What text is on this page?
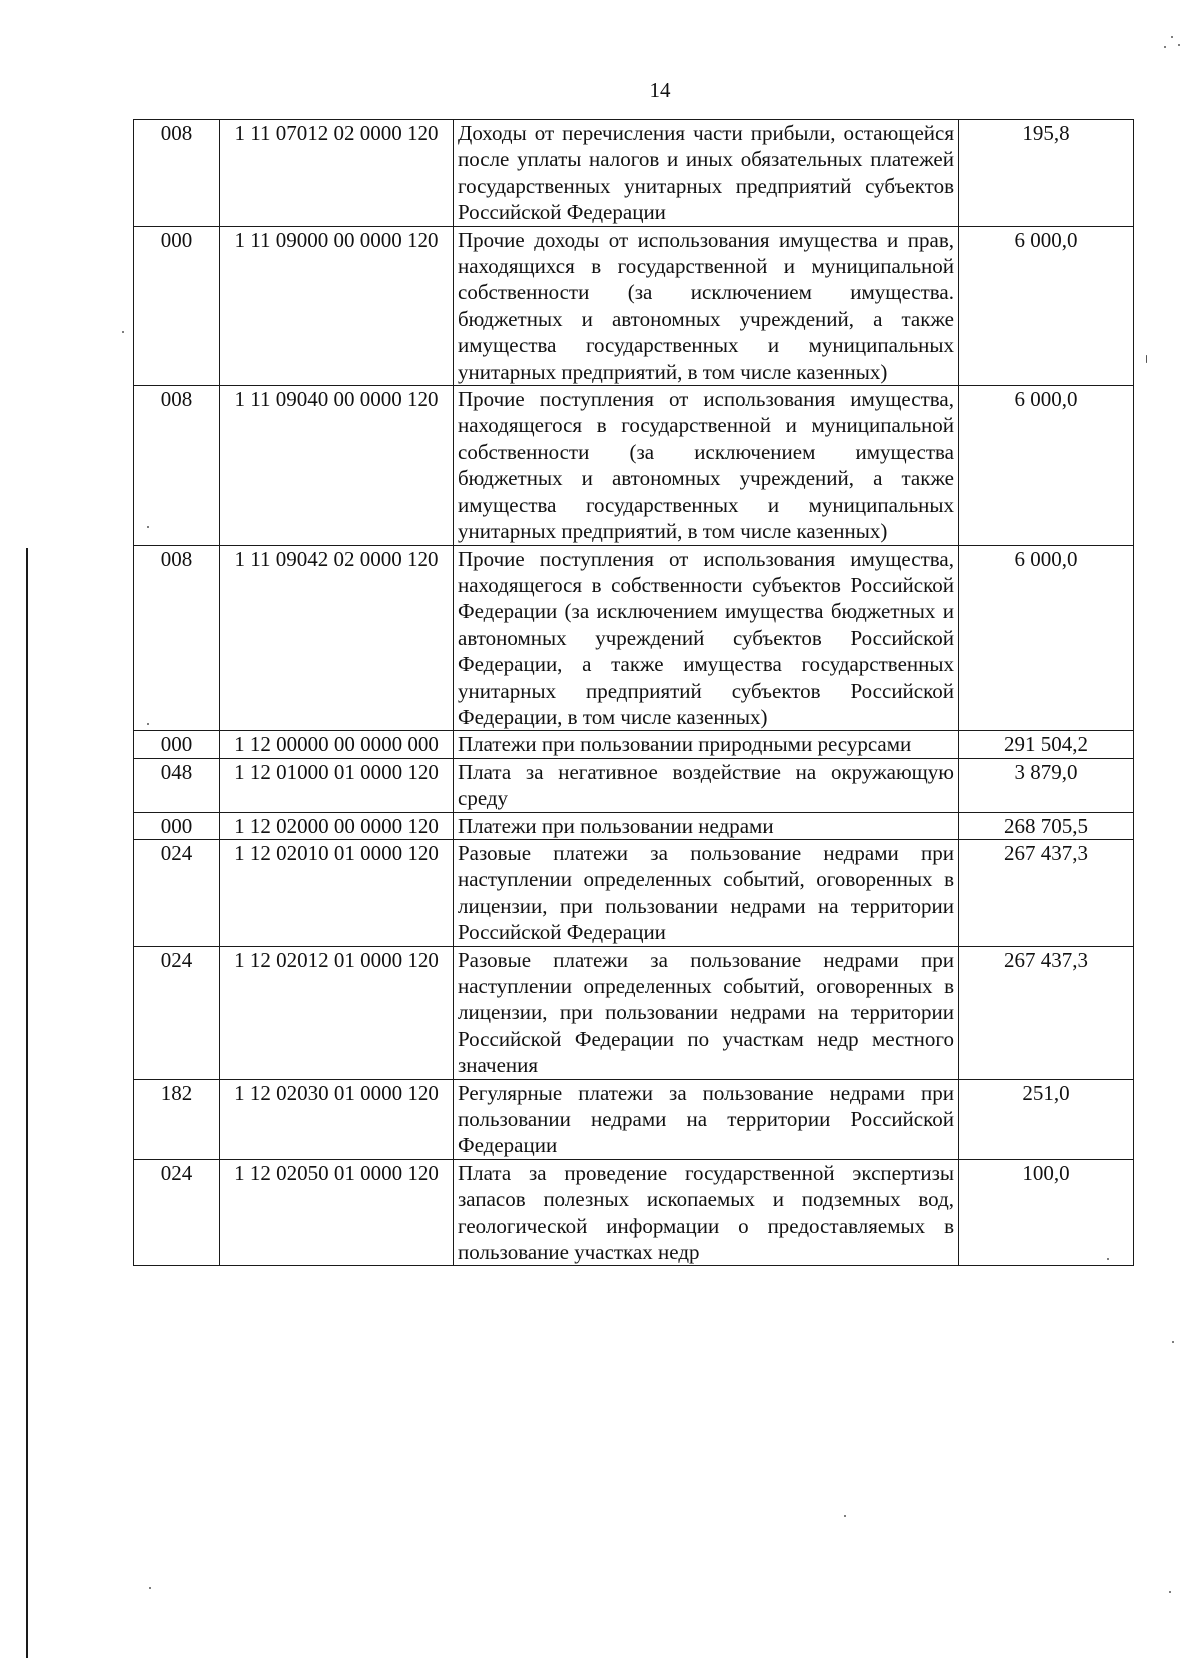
14
008	1 11 07012 02 0000 120	Доходы от перечисления части прибыли, остающейся после уплаты налогов и иных обязательных платежей государственных унитарных предприятий субъектов Российской Федерации	195,8
000	1 11 09000 00 0000 120	Прочие доходы от использования имущества и прав, находящихся в государственной и муниципальной собственности (за исключением имущества. бюджетных и автономных учреждений, а также имущества государственных и муниципальных унитарных предприятий, в том числе казенных)	6 000,0
008	1 11 09040 00 0000 120	Прочие поступления от использования имущества, находящегося в государственной и муниципальной собственности (за исключением имущества бюджетных и автономных учреждений, а также имущества государственных и муниципальных унитарных предприятий, в том числе казенных)	6 000,0
008	1 11 09042 02 0000 120	Прочие поступления от использования имущества, находящегося в собственности субъектов Российской Федерации (за исключением имущества бюджетных и автономных учреждений субъектов Российской Федерации, а также имущества государственных унитарных предприятий субъектов Российской Федерации, в том числе казенных)	6 000,0
000	1 12 00000 00 0000 000	Платежи при пользовании природными ресурсами	291 504,2
048	1 12 01000 01 0000 120	Плата за негативное воздействие на окружающую среду	3 879,0
000	1 12 02000 00 0000 120	Платежи при пользовании недрами	268 705,5
024	1 12 02010 01 0000 120	Разовые платежи за пользование недрами при наступлении определенных событий, оговоренных в лицензии, при пользовании недрами на территории Российской Федерации	267 437,3
024	1 12 02012 01 0000 120	Разовые платежи за пользование недрами при наступлении определенных событий, оговоренных в лицензии, при пользовании недрами на территории Российской Федерации по участкам недр местного значения	267 437,3
182	1 12 02030 01 0000 120	Регулярные платежи за пользование недрами при пользовании недрами на территории Российской Федерации	251,0
024	1 12 02050 01 0000 120	Плата за проведение государственной экспертизы запасов полезных ископаемых и подземных вод, геологической информации о предоставляемых в пользование участках недр	100,0
